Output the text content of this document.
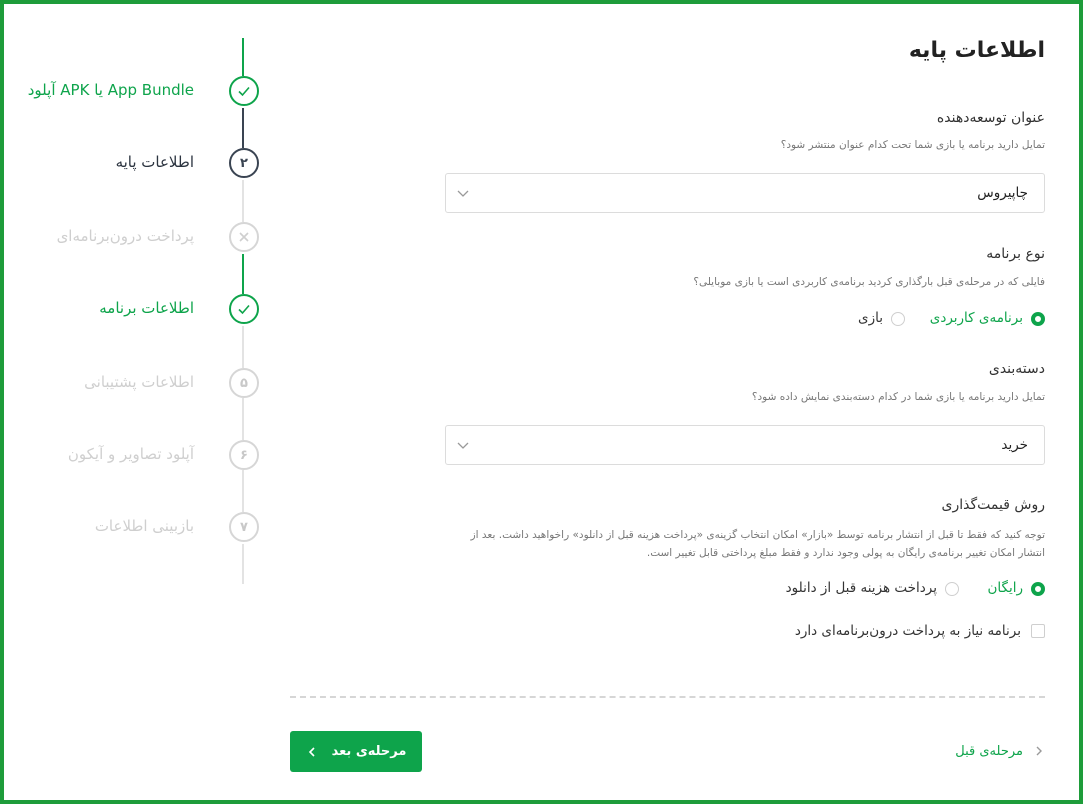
آپلود APK یا App Bundle
۲
اطلاعات پایه
پرداخت درون‌برنامه‌ای
اطلاعات برنامه
۵
اطلاعات پشتیبانی
۶
آپلود تصاویر و آیکون
۷
بازبینی اطلاعات
اطلاعات پایه
عنوان توسعه‌دهنده
تمایل دارید برنامه یا بازی شما تحت کدام عنوان منتشر شود؟
چاپیروس
نوع برنامه
فایلی که در مرحله‌ی قبل بارگذاری کردید برنامه‌ی کاربردی است یا بازی موبایلی؟
برنامه‌ی کاربردی
بازی
دسته‌بندی
تمایل دارید برنامه یا بازی شما در کدام دسته‌بندی نمایش داده شود؟
خرید
روش قیمت‌گذاری
توجه کنید که فقط تا قبل از انتشار برنامه توسط «بازار» امکان انتخاب گزینه‌ی «پرداخت هزینه قبل از دانلود» راخواهید داشت. بعد از انتشار امکان تغییر برنامه‌ی رایگان به پولی وجود ندارد و فقط مبلغ پرداختی قابل تغییر است.
رایگان
پرداخت هزینه قبل از دانلود
برنامه نیاز به پرداخت درون‌برنامه‌ای دارد
مرحله‌ی بعد	مرحله‌ی قبل
